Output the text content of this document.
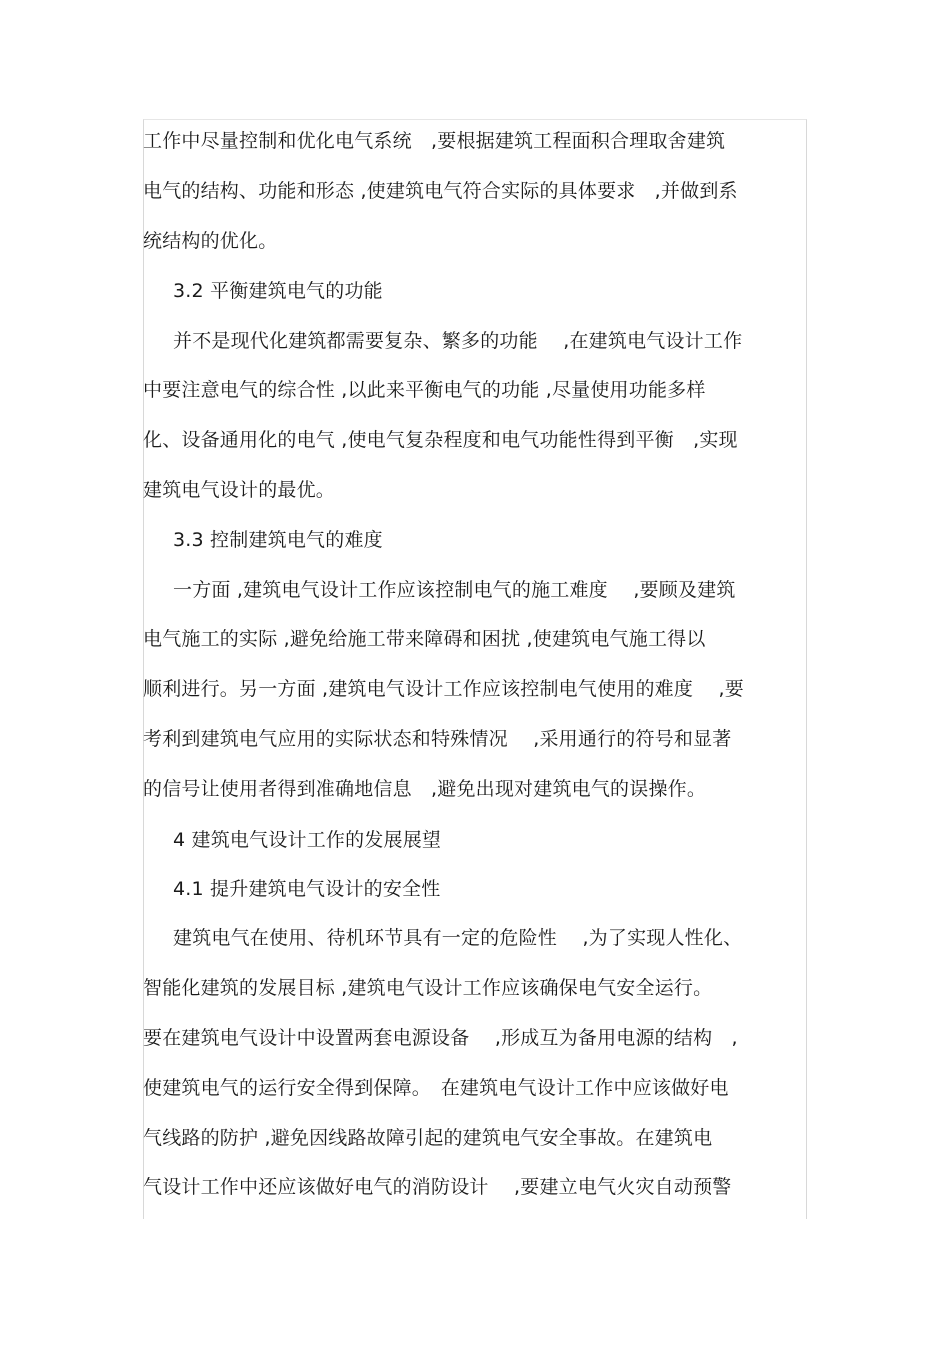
工作中尽量控制和优化电气系统　,要根据建筑工程面积合理取舍建筑
电气的结构、功能和形态 ,使建筑电气符合实际的具体要求　,并做到系
统结构的优化。
3.2 平衡建筑电气的功能
并不是现代化建筑都需要复杂、繁多的功能　 ,在建筑电气设计工作
中要注意电气的综合性 ,以此来平衡电气的功能 ,尽量使用功能多样
化、设备通用化的电气 ,使电气复杂程度和电气功能性得到平衡　,实现
建筑电气设计的最优。
3.3 控制建筑电气的难度
一方面 ,建筑电气设计工作应该控制电气的施工难度　 ,要顾及建筑
电气施工的实际 ,避免给施工带来障碍和困扰 ,使建筑电气施工得以
顺利进行。另一方面 ,建筑电气设计工作应该控制电气使用的难度　 ,要
考利到建筑电气应用的实际状态和特殊情况　 ,采用通行的符号和显著
的信号让使用者得到准确地信息　,避免出现对建筑电气的误操作。
4 建筑电气设计工作的发展展望
4.1 提升建筑电气设计的安全性
建筑电气在使用、待机环节具有一定的危险性　 ,为了实现人性化、
智能化建筑的发展目标 ,建筑电气设计工作应该确保电气安全运行。
要在建筑电气设计中设置两套电源设备　 ,形成互为备用电源的结构　,
使建筑电气的运行安全得到保障。　在建筑电气设计工作中应该做好电
气线路的防护 ,避免因线路故障引起的建筑电气安全事故。在建筑电
气设计工作中还应该做好电气的消防设计　 ,要建立电气火灾自动预警
